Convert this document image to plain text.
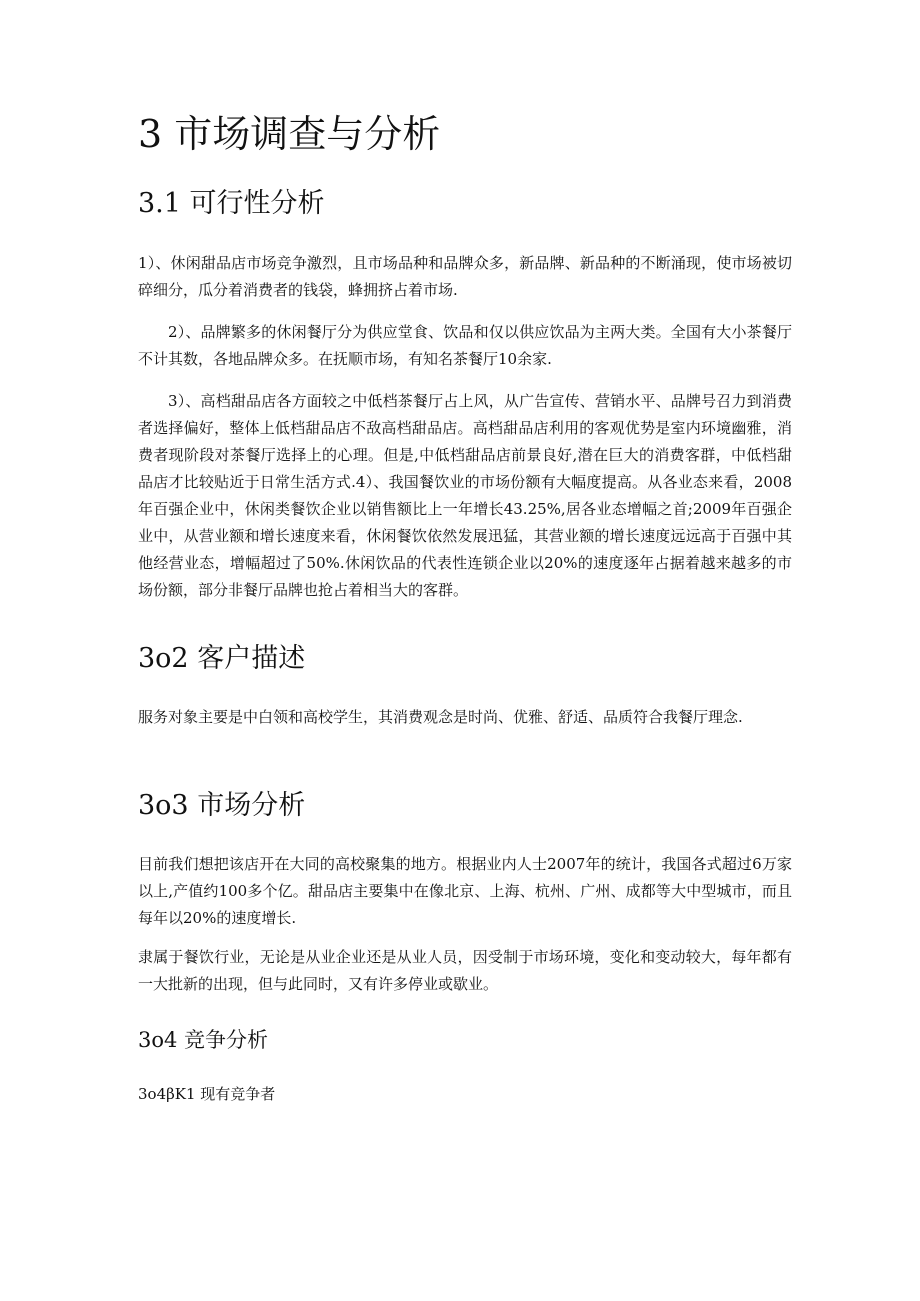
3 市场调查与分析
3.1 可行性分析

1）、休闲甜品店市场竞争激烈，且市场品种和品牌众多，新品牌、新品种的不断涌现，使市场被切碎细分，瓜分着消费者的钱袋，蜂拥挤占着市场.

2）、品牌繁多的休闲餐厅分为供应堂食、饮品和仅以供应饮品为主两大类。全国有大小茶餐厅不计其数，各地品牌众多。在抚顺市场，有知名茶餐厅10余家.

3）、高档甜品店各方面较之中低档茶餐厅占上风，从广告宣传、营销水平、品牌号召力到消费者选择偏好，整体上低档甜品店不敌高档甜品店。高档甜品店利用的客观优势是室内环境幽雅，消费者现阶段对茶餐厅选择上的心理。但是,中低档甜品店前景良好,潜在巨大的消费客群，中低档甜品店才比较贴近于日常生活方式.4）、我国餐饮业的市场份额有大幅度提高。从各业态来看，2008年百强企业中，休闲类餐饮企业以销售额比上一年增长43.25%,居各业态增幅之首;2009年百强企业中，从营业额和增长速度来看，休闲餐饮依然发展迅猛，其营业额的增长速度远远高于百强中其他经营业态，增幅超过了50%.休闲饮品的代表性连锁企业以20%的速度逐年占据着越来越多的市场份额，部分非餐厅品牌也抢占着相当大的客群。

3o2 客户描述

服务对象主要是中白领和高校学生，其消费观念是时尚、优雅、舒适、品质符合我餐厅理念.

3o3 市场分析

目前我们想把该店开在大同的高校聚集的地方。根据业内人士2007年的统计，我国各式超过6万家以上,产值约100多个亿。甜品店主要集中在像北京、上海、杭州、广州、成都等大中型城市，而且每年以20%的速度增长.

隶属于餐饮行业，无论是从业企业还是从业人员，因受制于市场环境，变化和变动较大，每年都有一大批新的出现，但与此同时，又有许多停业或歇业。

3o4 竞争分析
3o4βK1 现有竞争者
